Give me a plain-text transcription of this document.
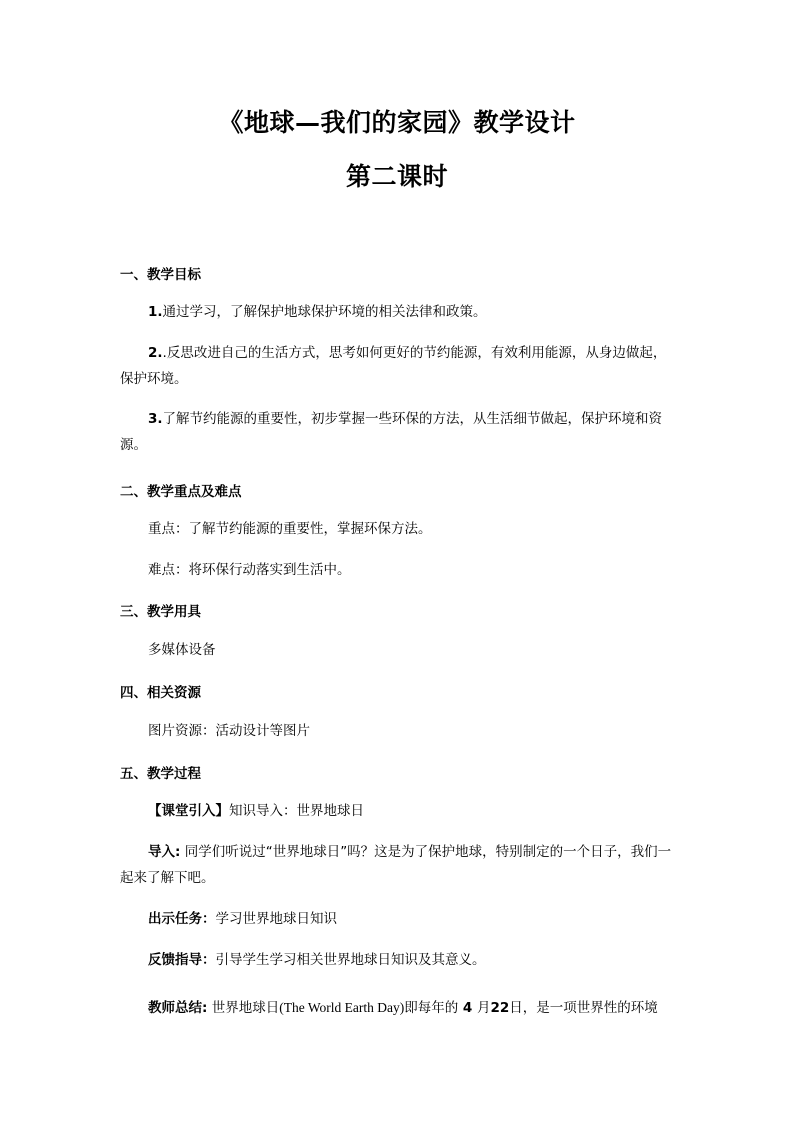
《地球—我们的家园》教学设计
第二课时
一、教学目标
1.通过学习，了解保护地球保护环境的相关法律和政策。
2..反思改进自己的生活方式，思考如何更好的节约能源，有效利用能源，从身边做起，保护环境。
3.了解节约能源的重要性，初步掌握一些环保的方法，从生活细节做起，保护环境和资源。
二、教学重点及难点
重点：了解节约能源的重要性，掌握环保方法。
难点：将环保行动落实到生活中。
三、教学用具
多媒体设备
四、相关资源
图片资源：活动设计等图片
五、教学过程
【课堂引入】知识导入：世界地球日
导入: 同学们听说过“世界地球日”吗？这是为了保护地球，特别制定的一个日子，我们一起来了解下吧。
出示任务：学习世界地球日知识
反馈指导：引导学生学习相关世界地球日知识及其意义。
教师总结: 世界地球日(The World Earth Day)即每年的 4 月22日，是一项世界性的环境
